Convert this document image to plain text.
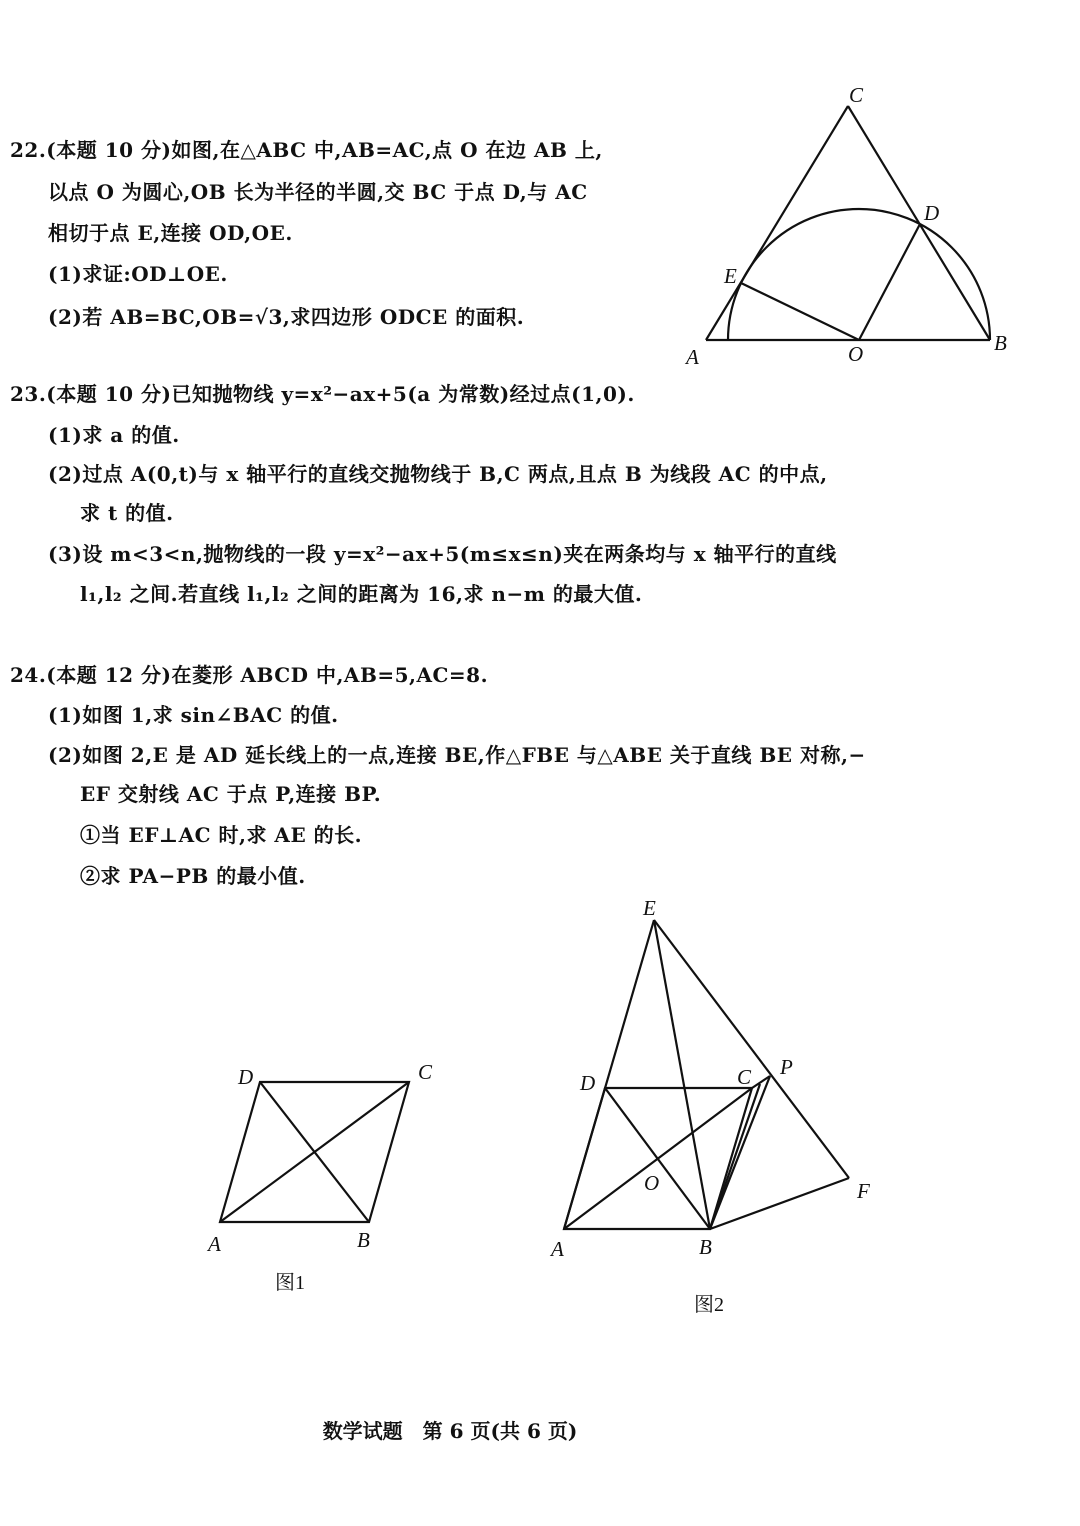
22.(本题 10 分)如图,在△ABC 中,AB=AC,点 O 在边 AB 上,
以点 O 为圆心,OB 长为半径的半圆,交 BC 于点 D,与 AC
相切于点 E,连接 OD,OE.
(1)求证:OD⊥OE.
(2)若 AB=BC,OB=√3,求四边形 ODCE 的面积.
C
D
E
A	O	B
23.(本题 10 分)已知抛物线 y=x²−ax+5(a 为常数)经过点(1,0).
(1)求 a 的值.
(2)过点 A(0,t)与 x 轴平行的直线交抛物线于 B,C 两点,且点 B 为线段 AC 的中点,
求 t 的值.
(3)设 m<3<n,抛物线的一段 y=x²−ax+5(m≤x≤n)夹在两条均与 x 轴平行的直线
l₁,l₂ 之间.若直线 l₁,l₂ 之间的距离为 16,求 n−m 的最大值.
24.(本题 12 分)在菱形 ABCD 中,AB=5,AC=8.
(1)如图 1,求 sin∠BAC 的值.
(2)如图 2,E 是 AD 延长线上的一点,连接 BE,作△FBE 与△ABE 关于直线 BE 对称,−
EF 交射线 AC 于点 P,连接 BP.
①当 EF⊥AC 时,求 AE 的长.
②求 PA−PB 的最小值.
D	C
A	B
图1
E
P
D	C
O	F
A	B
图2
数学试题　第 6 页(共 6 页)
